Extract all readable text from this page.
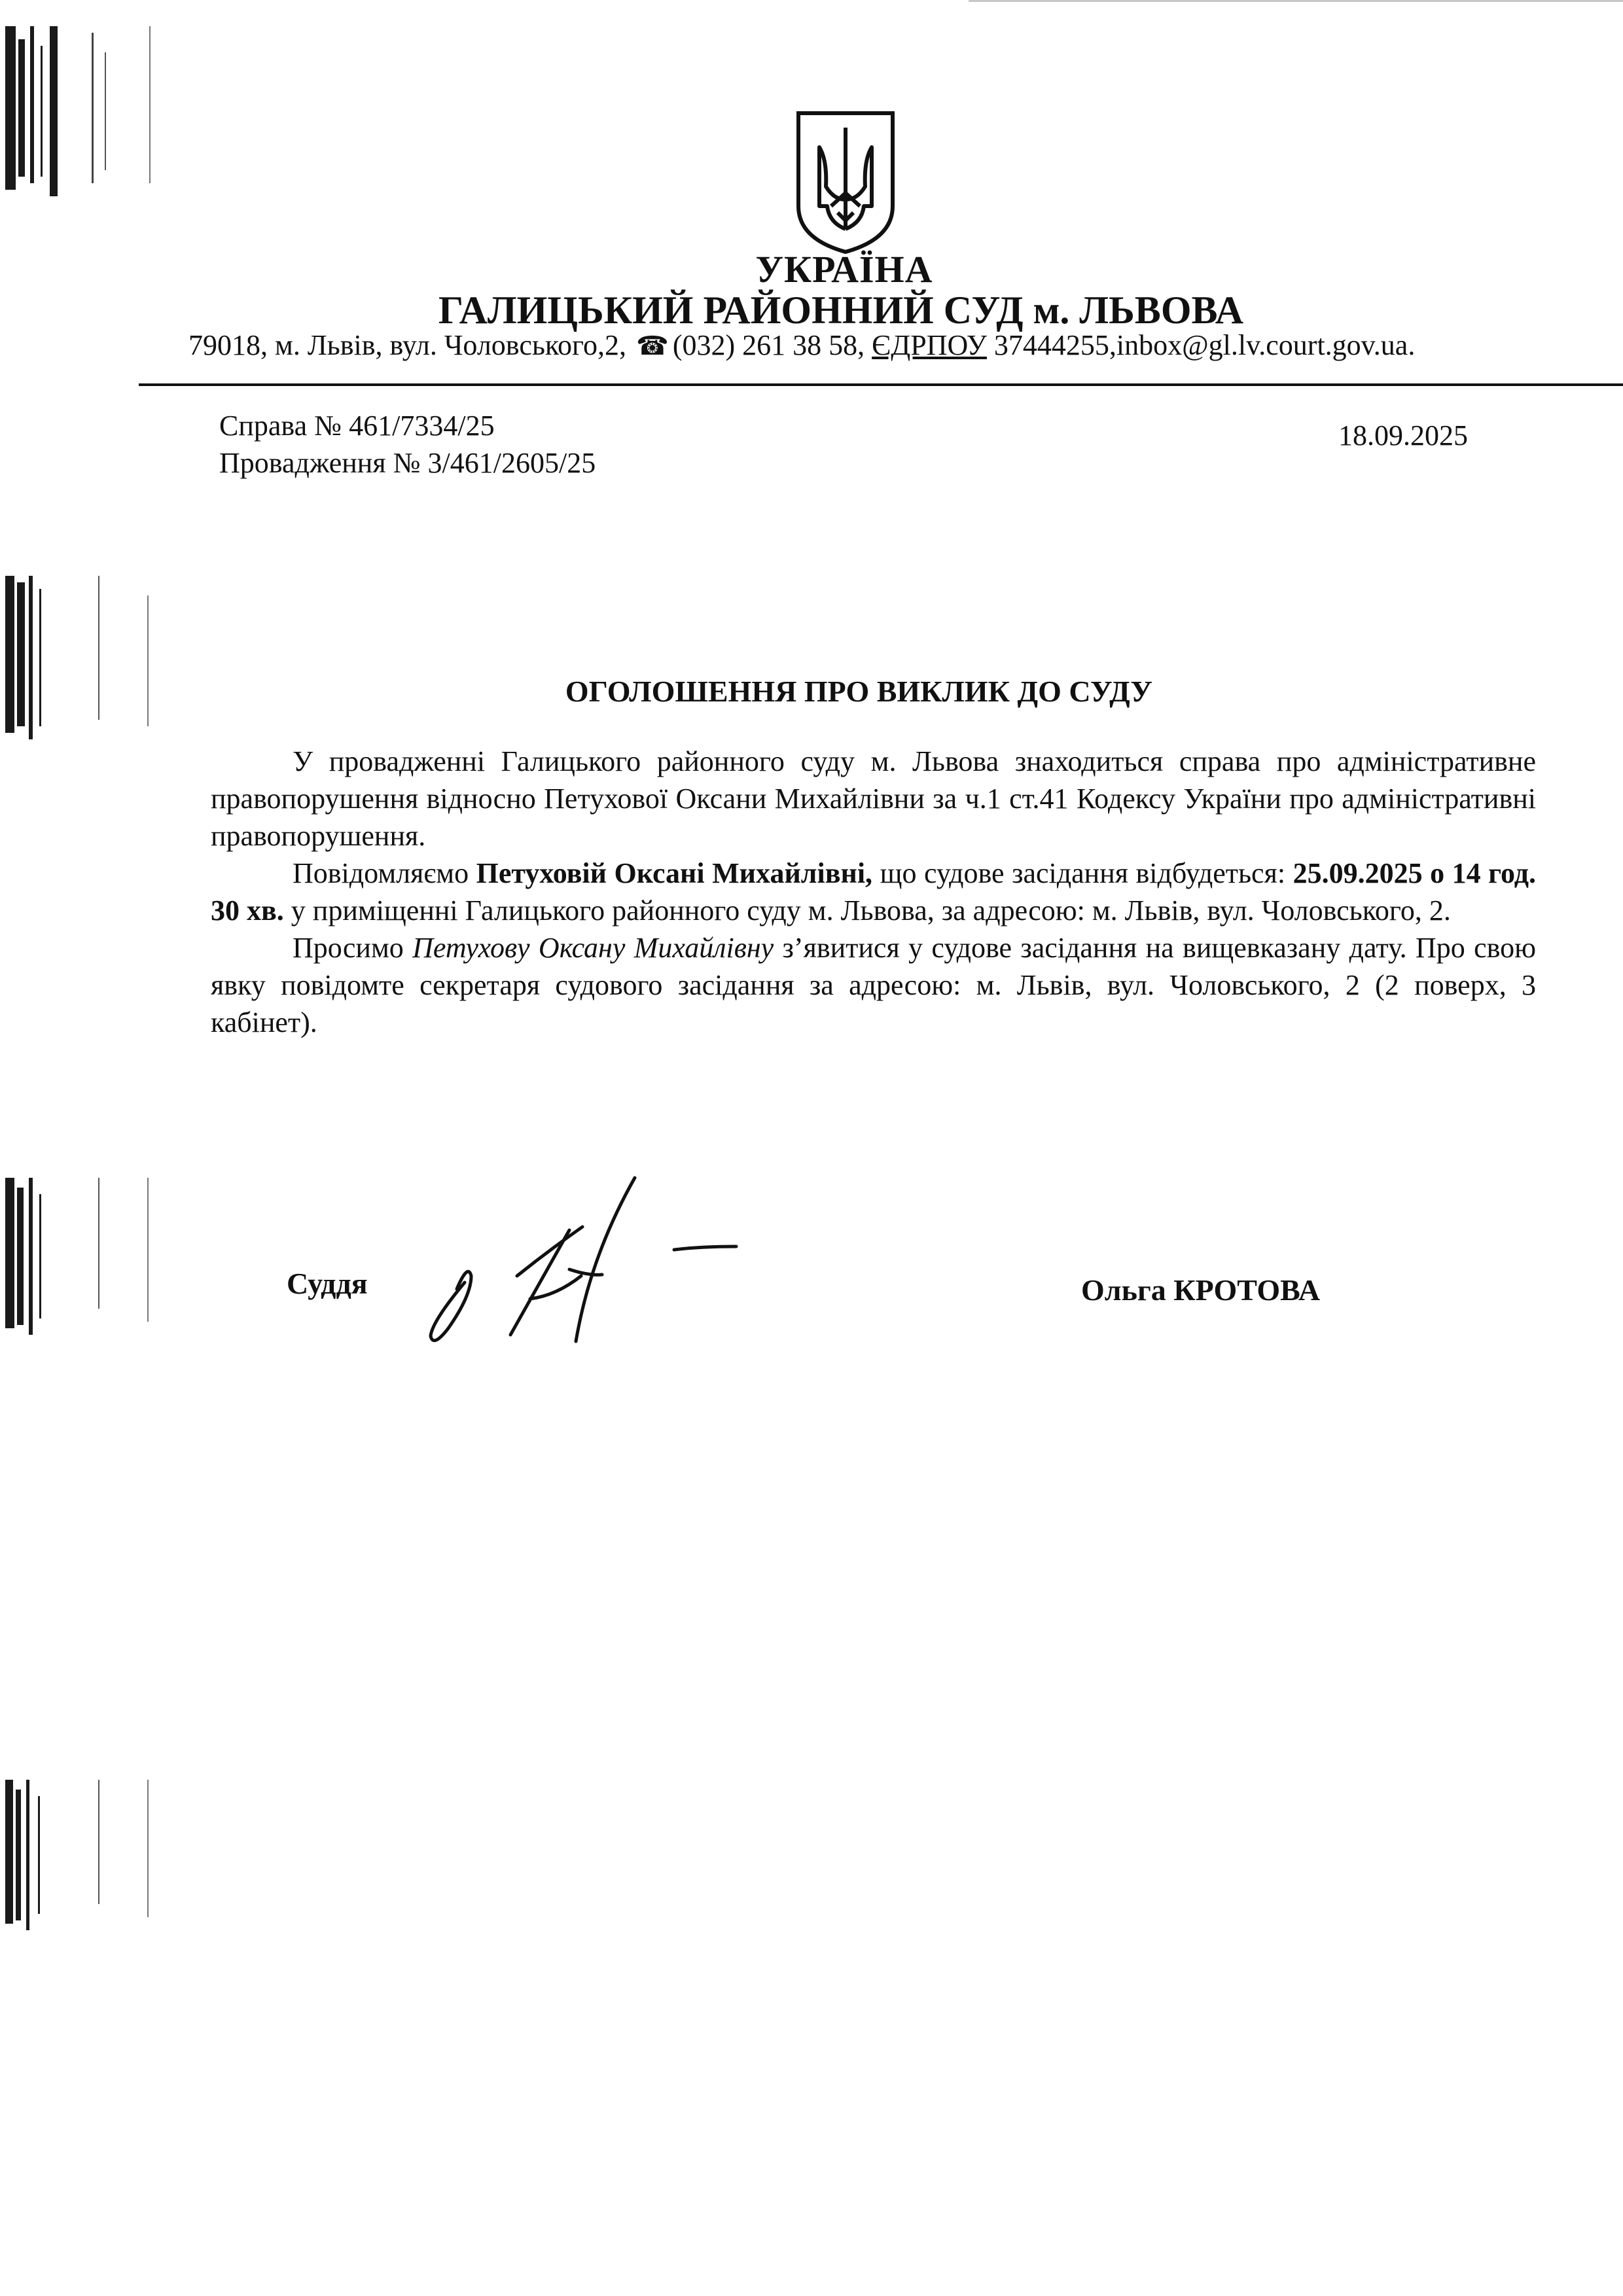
УКРАЇНА
ГАЛИЦЬКИЙ РАЙОННИЙ СУД м. ЛЬВОВА
79018, м. Львів, вул. Чоловського,2, ☎ (032) 261 38 58, ЄДРПОУ 37444255,inbox@gl.lv.court.gov.ua.
Справа № 461/7334/25
Провадження № 3/461/2605/25
18.09.2025
ОГОЛОШЕННЯ ПРО ВИКЛИК ДО СУДУ

У провадженні Галицького районного суду м. Львова знаходиться справа про адміністративне правопорушення відносно Петухової Оксани Михайлівни за ч.1 ст.41 Кодексу України про адміністративні правопорушення.

Повідомляємо Петуховій Оксані Михайлівні, що судове засідання відбудеться: 25.09.2025 о 14 год. 30 хв. у приміщенні Галицького районного суду м. Львова, за адресою: м. Львів, вул. Чоловського, 2.

Просимо Петухову Оксану Михайлівну з’явитися у судове засідання на вищевказану дату. Про свою явку повідомте секретаря судового засідання за адресою: м. Львів, вул. Чоловського, 2 (2 поверх, 3 кабінет).

Суддя	Ольга КРОТОВА
